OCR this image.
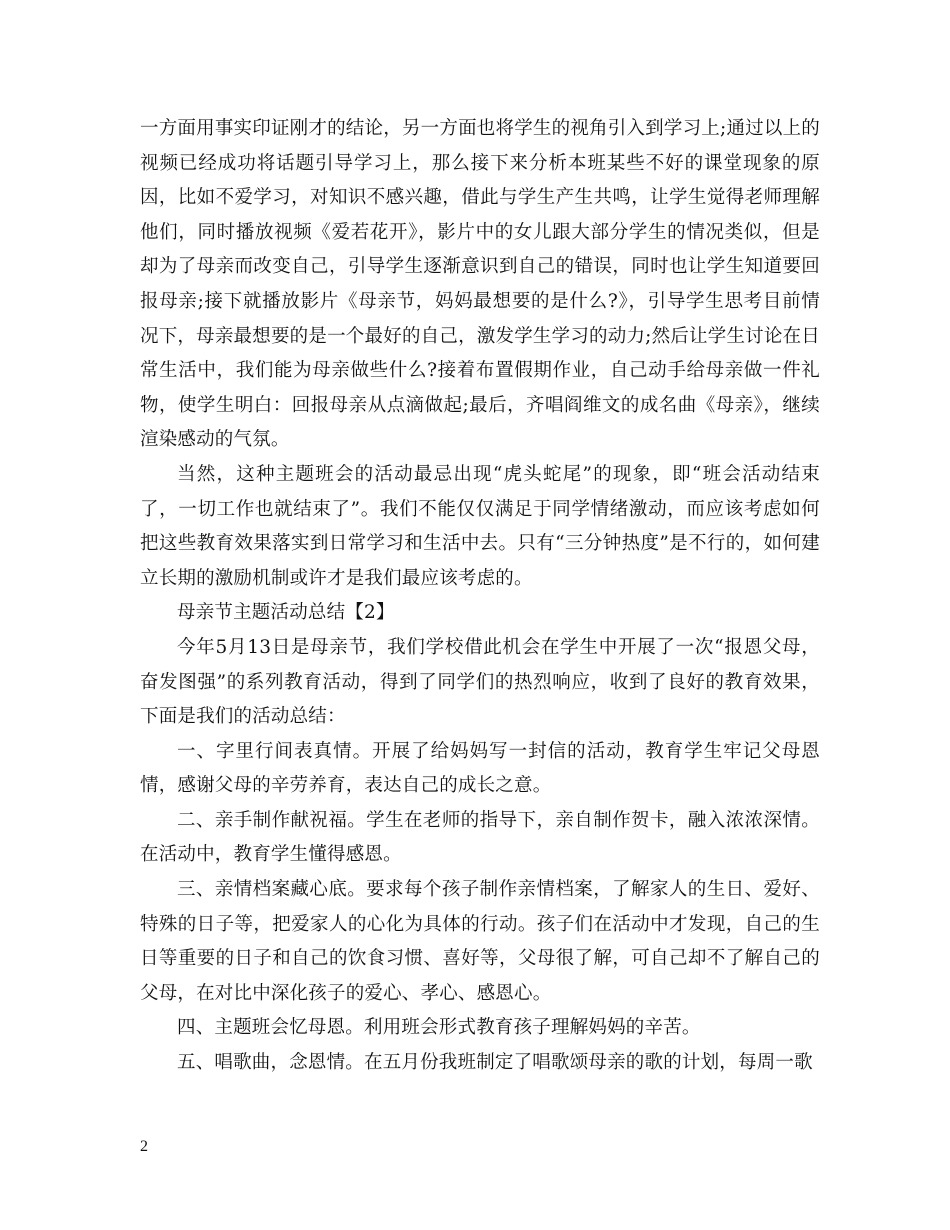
一方面用事实印证刚才的结论，另一方面也将学生的视角引入到学习上;通过以上的视频已经成功将话题引导学习上，那么接下来分析本班某些不好的课堂现象的原因，比如不爱学习，对知识不感兴趣，借此与学生产生共鸣，让学生觉得老师理解他们，同时播放视频《爱若花开》，影片中的女儿跟大部分学生的情况类似，但是却为了母亲而改变自己，引导学生逐渐意识到自己的错误，同时也让学生知道要回报母亲;接下就播放影片《母亲节，妈妈最想要的是什么?》，引导学生思考目前情况下，母亲最想要的是一个最好的自己，激发学生学习的动力;然后让学生讨论在日常生活中，我们能为母亲做些什么?接着布置假期作业，自己动手给母亲做一件礼物，使学生明白：回报母亲从点滴做起;最后，齐唱阎维文的成名曲《母亲》，继续渲染感动的气氛。

当然，这种主题班会的活动最忌出现“虎头蛇尾”的现象，即“班会活动结束了，一切工作也就结束了”。我们不能仅仅满足于同学情绪激动，而应该考虑如何把这些教育效果落实到日常学习和生活中去。只有“三分钟热度”是不行的，如何建立长期的激励机制或许才是我们最应该考虑的。

母亲节主题活动总结【2】

今年5月13日是母亲节，我们学校借此机会在学生中开展了一次“报恩父母，奋发图强”的系列教育活动，得到了同学们的热烈响应，收到了良好的教育效果，下面是我们的活动总结：

一、字里行间表真情。开展了给妈妈写一封信的活动，教育学生牢记父母恩情，感谢父母的辛劳养育，表达自己的成长之意。

二、亲手制作献祝福。学生在老师的指导下，亲自制作贺卡，融入浓浓深情。在活动中，教育学生懂得感恩。

三、亲情档案藏心底。要求每个孩子制作亲情档案，了解家人的生日、爱好、特殊的日子等，把爱家人的心化为具体的行动。孩子们在活动中才发现，自己的生日等重要的日子和自己的饮食习惯、喜好等，父母很了解，可自己却不了解自己的父母，在对比中深化孩子的爱心、孝心、感恩心。

四、主题班会忆母恩。利用班会形式教育孩子理解妈妈的辛苦。

五、唱歌曲，念恩情。在五月份我班制定了唱歌颂母亲的歌的计划，每周一歌

2
